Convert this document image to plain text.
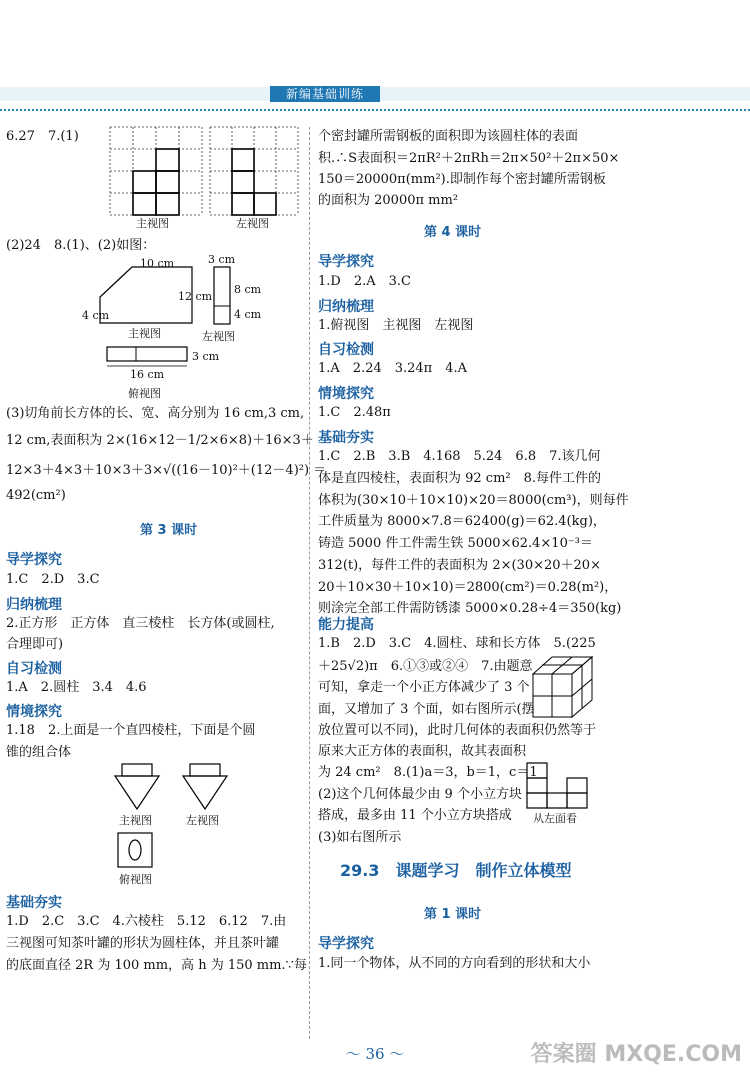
新编基础训练
6.27　7.(1)
主视图	左视图
(2)24　8.(1)、(2)如图：
10 cm
12 cm
4 cm
主视图
3 cm
8 cm
4 cm
左视图
3 cm
16 cm
俯视图
(3)切角前长方体的长、宽、高分别为 16 cm,3 cm,
12 cm,表面积为 2×(16×12－1/2×6×8)＋16×3＋
12×3＋4×3＋10×3＋3×√((16－10)²＋(12－4)²) ＝
492(cm²)
第 3 课时
导学探究
1.C　2.D　3.C
归纳梳理
2.正方形　正方体　直三棱柱　长方体(或圆柱,
合理即可)
自习检测
1.A　2.圆柱　3.4　4.6
情境探究
1.18　2.上面是一个直四棱柱，下面是个圆
锥的组合体
主视图	左视图
俯视图
基础夯实
1.D　2.C　3.C　4.六棱柱　5.12　6.12　7.由
三视图可知茶叶罐的形状为圆柱体，并且茶叶罐
的底面直径 2R 为 100 mm，高 h 为 150 mm.∵每
个密封罐所需钢板的面积即为该圆柱体的表面
积.∴S表面积＝2πR²＋2πRh＝2π×50²＋2π×50×
150＝20000π(mm²).即制作每个密封罐所需钢板
的面积为 20000π mm²
第 4 课时
导学探究
1.D　2.A　3.C
归纳梳理
1.俯视图　主视图　左视图
自习检测
1.A　2.24　3.24π　4.A
情境探究
1.C　2.48π
基础夯实
1.C　2.B　3.B　4.168　5.24　6.8　7.该几何
体是直四棱柱，表面积为 92 cm²　8.每件工件的
体积为(30×10＋10×10)×20＝8000(cm³)，则每件
工件质量为 8000×7.8＝62400(g)＝62.4(kg)，
铸造 5000 件工件需生铁 5000×62.4×10⁻³＝
312(t)，每件工件的表面积为 2×(30×20＋20×
20＋10×30＋10×10)＝2800(cm²)＝0.28(m²)，
则涂完全部工件需防锈漆 5000×0.28÷4＝350(kg)
能力提高
1.B　2.D　3.C　4.圆柱、球和长方体　5.(225
＋25√2)π　6.①③或②④　7.由题意
可知，拿走一个小正方体减少了 3 个
面，又增加了 3 个面，如右图所示(摆
放位置可以不同)，此时几何体的表面积仍然等于
原来大正方体的表面积，故其表面积
为 24 cm²　8.(1)a＝3，b＝1，c＝1
(2)这个几何体最少由 9 个小立方块
搭成，最多由 11 个小立方块搭成
(3)如右图所示
从左面看
29.3　课题学习　制作立体模型
第 1 课时
导学探究
1.同一个物体，从不同的方向看到的形状和大小
～ 36 ～	答案圈 MXQE.COM
